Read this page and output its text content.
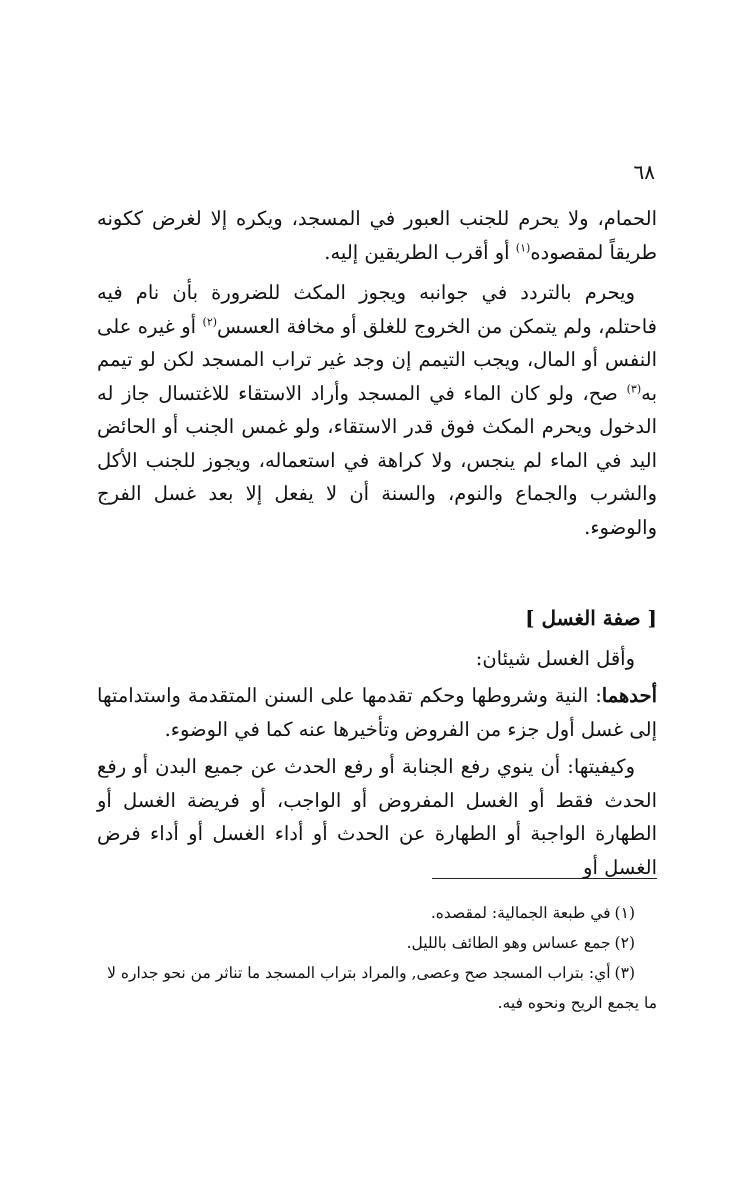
٦٨

الحمام، ولا يحرم للجنب العبور في المسجد، ويكره إلا لغرض ككونه طريقاً لمقصوده$^{(١)}$ أو أقرب الطريقين إليه.

ويحرم بالتردد في جوانبه ويجوز المكث للضرورة بأن نام فيه فاحتلم، ولم يتمكن من الخروج للغلق أو مخافة العسس$^{(٢)}$ أو غيره على النفس أو المال، ويجب التيمم إن وجد غير تراب المسجد لكن لو تيمم به$^{(٣)}$ صح، ولو كان الماء في المسجد وأراد الاستقاء للاغتسال جاز له الدخول ويحرم المكث فوق قدر الاستقاء، ولو غمس الجنب أو الحائض اليد في الماء لم ينجس، ولا كراهة في استعماله، ويجوز للجنب الأكل والشرب والجماع والنوم، والسنة أن لا يفعل إلا بعد غسل الفرج والوضوء.

[ صفة الغسل ]

وأقل الغسل شيئان:

أحدهما: النية وشروطها وحكم تقدمها على السنن المتقدمة واستدامتها إلى غسل أول جزء من الفروض وتأخيرها عنه كما في الوضوء.

وكيفيتها: أن ينوي رفع الجنابة أو رفع الحدث عن جميع البدن أو رفع الحدث فقط أو الغسل المفروض أو الواجب، أو فريضة الغسل أو الطهارة الواجبة أو الطهارة عن الحدث أو أداء الغسل أو أداء فرض الغسل أو

(١)في طبعة الجمالية: لمقصده.

(٢)جمع عساس وهو الطائف بالليل.

(٣)أي: بتراب المسجد صح وعصى, والمراد بتراب المسجد ما تناثر من نحو جداره لا ما يجمع الريح ونحوه فيه.
